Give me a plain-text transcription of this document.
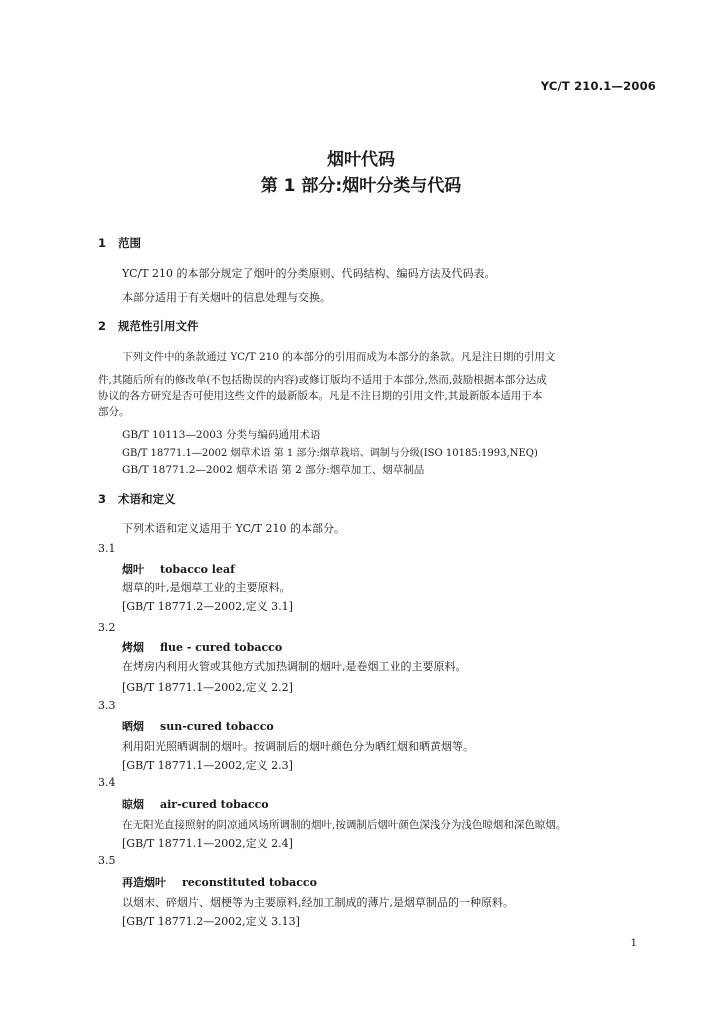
YC/T 210.1—2006
烟叶代码
第 1 部分:烟叶分类与代码
1 范围
YC/T 210 的本部分规定了烟叶的分类原则、代码结构、编码方法及代码表。
本部分适用于有关烟叶的信息处理与交换。
2 规范性引用文件
下列文件中的条款通过 YC/T 210 的本部分的引用而成为本部分的条款。凡是注日期的引用文
件,其随后所有的修改单(不包括勘误的内容)或修订版均不适用于本部分,然而,鼓励根据本部分达成
协议的各方研究是否可使用这些文件的最新版本。凡是不注日期的引用文件,其最新版本适用于本
部分。
GB/T 10113—2003 分类与编码通用术语
GB/T 18771.1—2002 烟草术语 第 1 部分:烟草栽培、调制与分级(ISO 10185:1993,NEQ)
GB/T 18771.2—2002 烟草术语 第 2 部分:烟草加工、烟草制品
3 术语和定义
下列术语和定义适用于 YC/T 210 的本部分。
3.1
烟叶 tobacco leaf
烟草的叶,是烟草工业的主要原料。
[GB/T 18771.2—2002,定义 3.1]
3.2
烤烟 flue - cured tobacco
在烤房内利用火管或其他方式加热调制的烟叶,是卷烟工业的主要原料。
[GB/T 18771.1—2002,定义 2.2]
3.3
晒烟 sun-cured tobacco
利用阳光照晒调制的烟叶。按调制后的烟叶颜色分为晒红烟和晒黄烟等。
[GB/T 18771.1—2002,定义 2.3]
3.4
晾烟 air-cured tobacco
在无阳光直接照射的阴凉通风场所调制的烟叶,按调制后烟叶颜色深浅分为浅色晾烟和深色晾烟。
[GB/T 18771.1—2002,定义 2.4]
3.5
再造烟叶 reconstituted tobacco
以烟末、碎烟片、烟梗等为主要原料,经加工制成的薄片,是烟草制品的一种原料。
[GB/T 18771.2—2002,定义 3.13]
1
